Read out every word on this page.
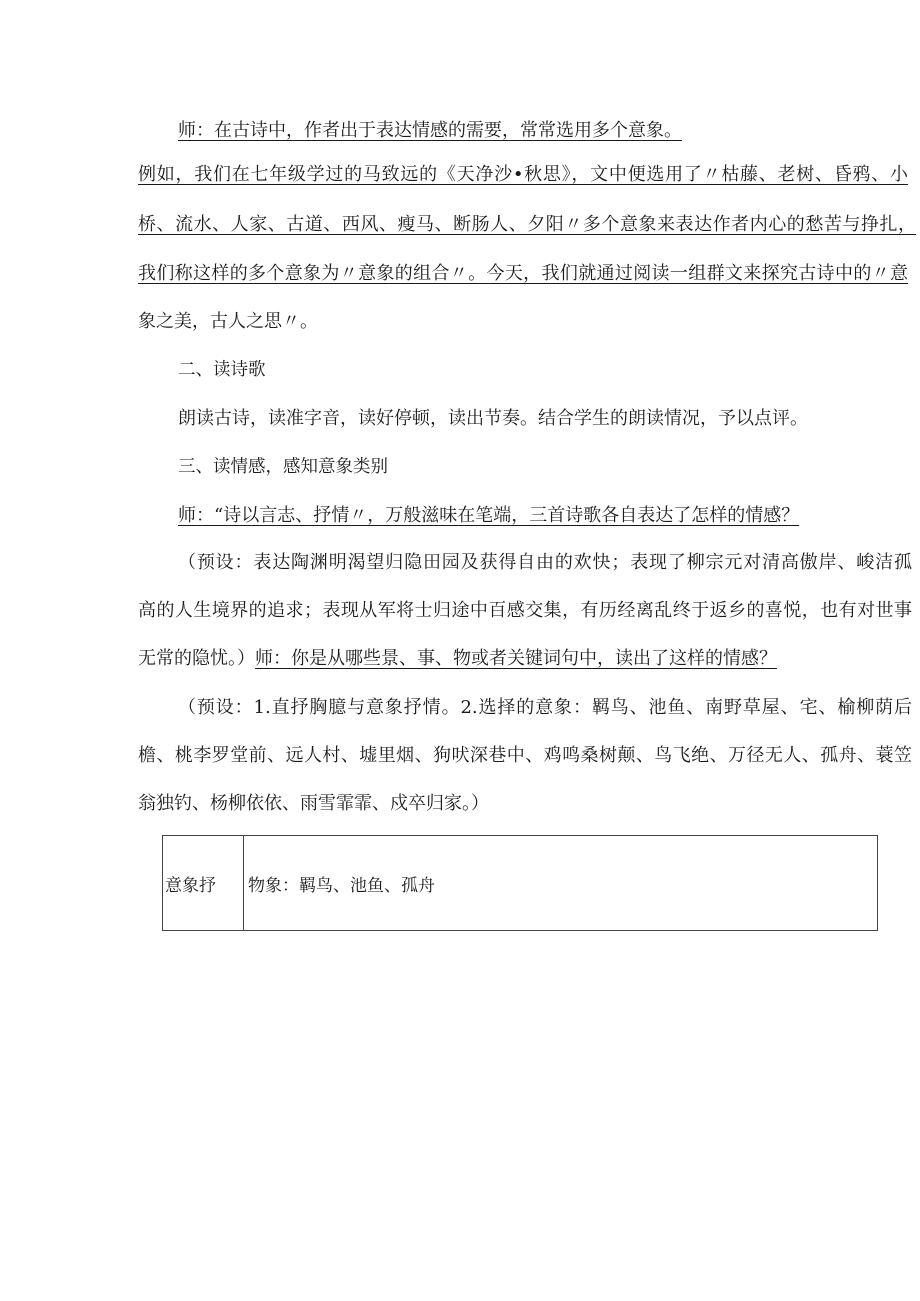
师：在古诗中，作者出于表达情感的需要，常常选用多个意象。
例如，我们在七年级学过的马致远的《天净沙•秋思》，文中便选用了〃枯藤、老树、昏鸦、小
桥、流水、人家、古道、西风、瘦马、断肠人、夕阳〃多个意象来表达作者内心的愁苦与挣扎，
我们称这样的多个意象为〃意象的组合〃。今天，我们就通过阅读一组群文来探究古诗中的〃意
象之美，古人之思〃。
二、读诗歌
朗读古诗，读准字音，读好停顿，读出节奏。结合学生的朗读情况，予以点评。
三、读情感，感知意象类别
师：“诗以言志、抒情〃，万般滋味在笔端，三首诗歌各自表达了怎样的情感？
（预设：表达陶渊明渴望归隐田园及获得自由的欢快；表现了柳宗元对清高傲岸、峻洁孤
高的人生境界的追求；表现从军将士归途中百感交集，有历经离乱终于返乡的喜悦，也有对世事
无常的隐忧。）师：你是从哪些景、事、物或者关键词句中，读出了这样的情感？
（预设：1.直抒胸臆与意象抒情。2.选择的意象：羁鸟、池鱼、南野草屋、宅、榆柳荫后
檐、桃李罗堂前、远人村、墟里烟、狗吠深巷中、鸡鸣桑树颠、鸟飞绝、万径无人、孤舟、蓑笠
翁独钓、杨柳依依、雨雪霏霏、戍卒归家。）
意象抒	物象：羁鸟、池鱼、孤舟
